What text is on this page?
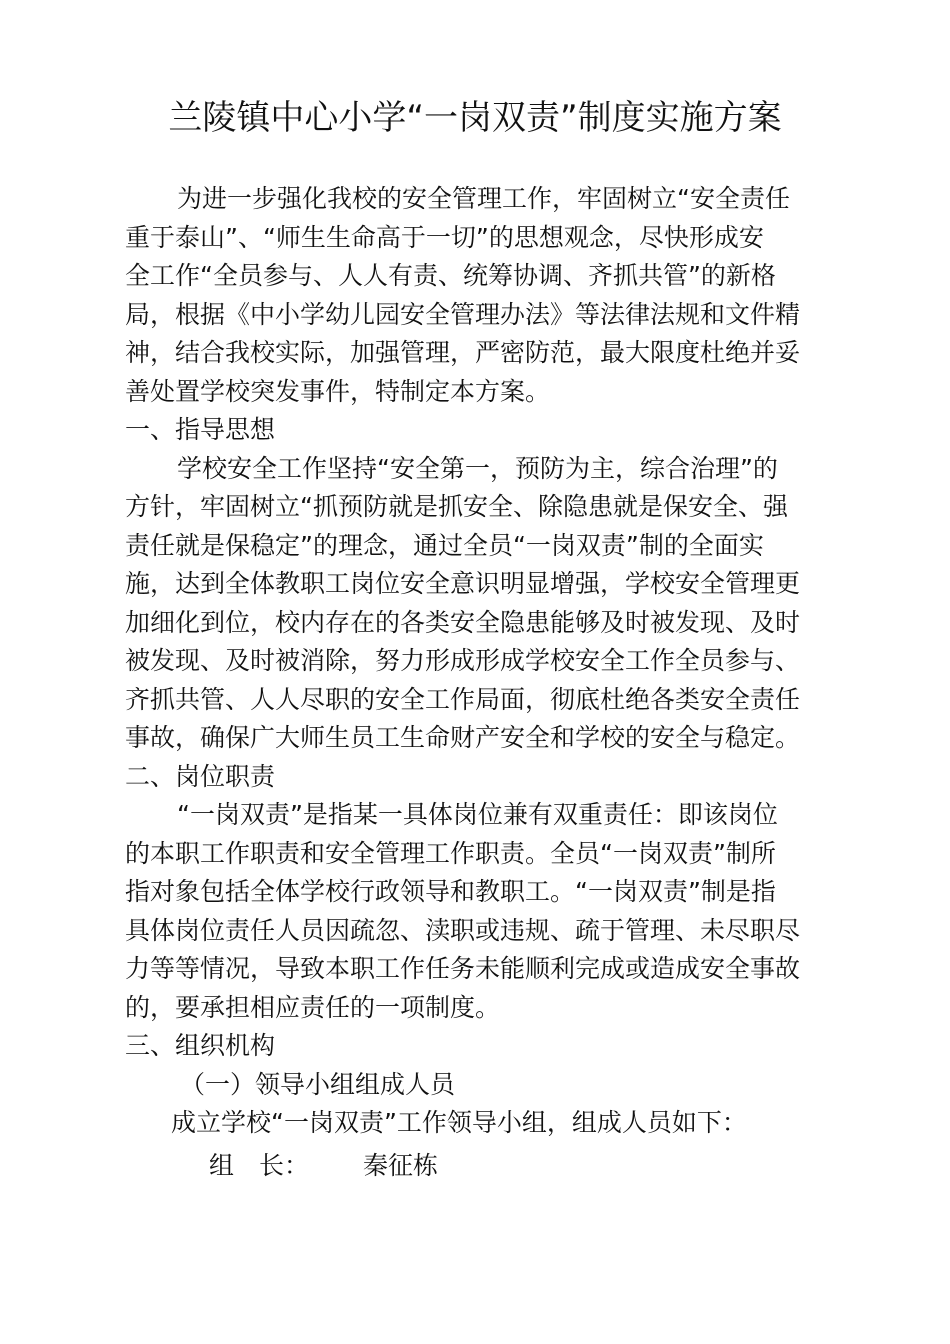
兰陵镇中心小学“一岗双责”制度实施方案
为进一步强化我校的安全管理工作，牢固树立“安全责任
重于泰山”、“师生生命高于一切”的思想观念，尽快形成安
全工作“全员参与、人人有责、统筹协调、齐抓共管”的新格
局，根据《中小学幼儿园安全管理办法》等法律法规和文件精
神，结合我校实际，加强管理，严密防范，最大限度杜绝并妥
善处置学校突发事件，特制定本方案。
一、指导思想
学校安全工作坚持“安全第一，预防为主，综合治理”的
方针，牢固树立“抓预防就是抓安全、除隐患就是保安全、强
责任就是保稳定”的理念，通过全员“一岗双责”制的全面实
施，达到全体教职工岗位安全意识明显增强，学校安全管理更
加细化到位，校内存在的各类安全隐患能够及时被发现、及时
被发现、及时被消除，努力形成形成学校安全工作全员参与、
齐抓共管、人人尽职的安全工作局面，彻底杜绝各类安全责任
事故，确保广大师生员工生命财产安全和学校的安全与稳定。
二、岗位职责
“一岗双责”是指某一具体岗位兼有双重责任：即该岗位
的本职工作职责和安全管理工作职责。全员“一岗双责”制所
指对象包括全体学校行政领导和教职工。“一岗双责”制是指
具体岗位责任人员因疏忽、渎职或违规、疏于管理、未尽职尽
力等等情况，导致本职工作任务未能顺利完成或造成安全事故
的，要承担相应责任的一项制度。
三、组织机构
（一）领导小组组成人员
成立学校“一岗双责”工作领导小组，组成人员如下：
组　长： 秦征栋
